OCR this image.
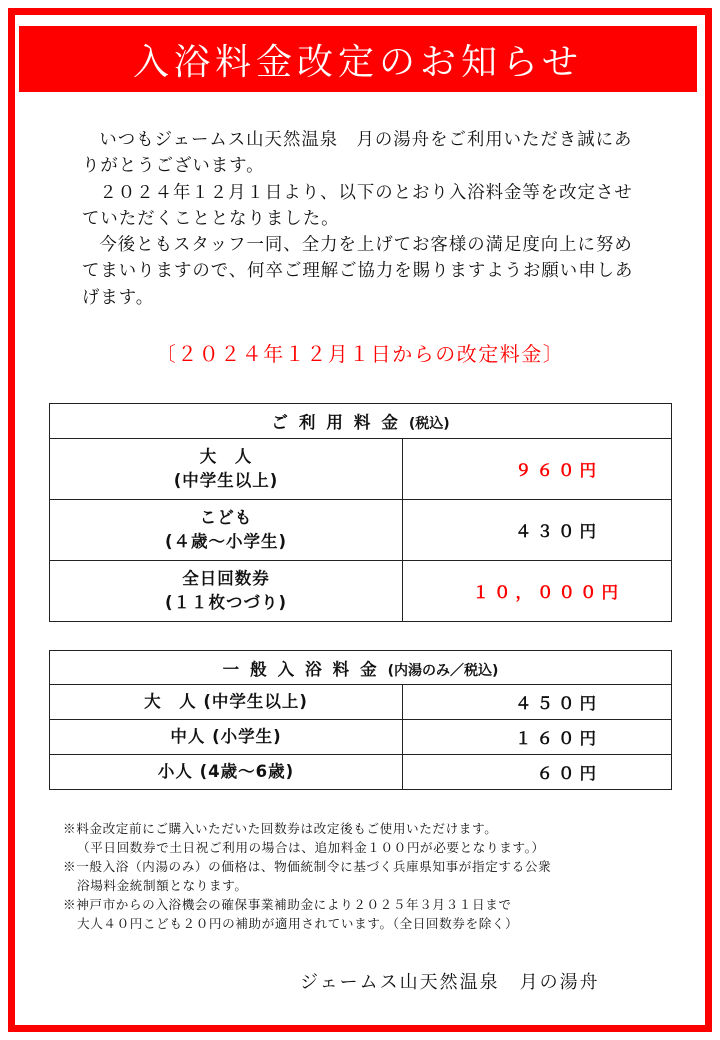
入浴料金改定のお知らせ

いつもジェームス山天然温泉　月の湯舟をご利用いただき誠にありがとうございます。

２０２４年１２月１日より、以下のとおり入浴料金等を改定させていただくこととなりました。

今後ともスタッフ一同、全力を上げてお客様の満足度向上に努めてまいりますので、何卒ご理解ご協力を賜りますようお願い申しあげます。

〔２０２４年１２月１日からの改定料金〕
ご利用料金(税込)	

大　人
(中学生以上)	９６０円

こども
(４歳～小学生)	４３０円

全日回数券
(１１枚つづり)	１０，０００円
一般入浴料金(内湯のみ／税込)	
大　人 (中学生以上)	４５０円
中人 (小学生)	１６０円
小人 (4歳～6歳)	６０円
※料金改定前にご購入いただいた回数券は改定後もご使用いただけます。
（平日回数券で土日祝ご利用の場合は、追加料金１００円が必要となります。）
※一般入浴（内湯のみ）の価格は、物価統制令に基づく兵庫県知事が指定する公衆
浴場料金統制額となります。
※神戸市からの入浴機会の確保事業補助金により２０２５年３月３１日まで
大人４０円こども２０円の補助が適用されています。（全日回数券を除く）
ジェームス山天然温泉　月の湯舟
